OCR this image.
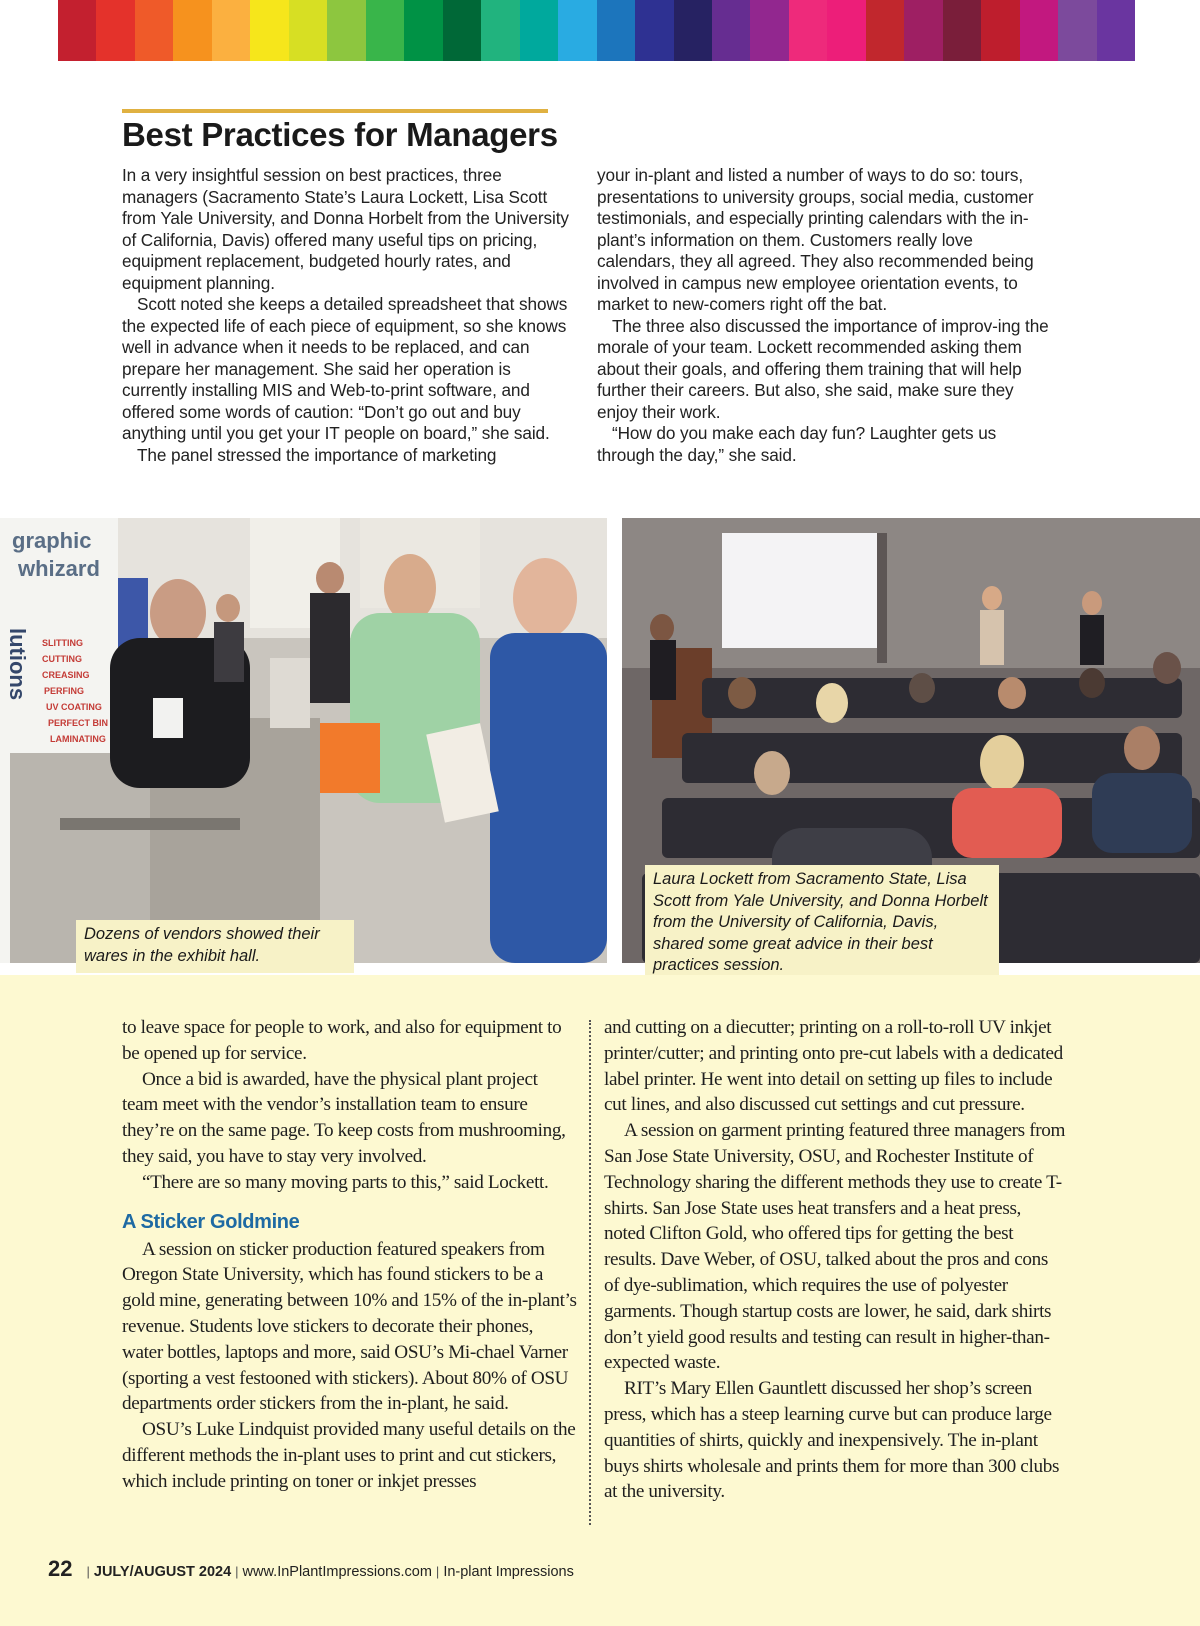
Best Practices for Managers

In a very insightful session on best practices, three managers (Sacramento State’s Laura Lockett, Lisa Scott from Yale University, and Donna Horbelt from the University of California, Davis) offered many useful tips on pricing, equipment replacement, budgeted hourly rates, and equipment planning.

Scott noted she keeps a detailed spreadsheet that shows the expected life of each piece of equipment, so she knows well in advance when it needs to be replaced, and can prepare her management. She said her operation is currently installing MIS and Web-to-print software, and offered some words of caution: “Don’t go out and buy anything until you get your IT people on board,” she said.

The panel stressed the importance of marketing

your in-plant and listed a number of ways to do so: tours, presentations to university groups, social media, customer testimonials, and especially printing calendars with the in-plant’s information on them. Customers really love calendars, they all agreed. They also recommended being involved in campus new employee orientation events, to market to new-comers right off the bat.

The three also discussed the importance of improv-ing the morale of your team. Lockett recommended asking them about their goals, and offering them training that will help further their careers. But also, she said, make sure they enjoy their work.

“How do you make each day fun? Laughter gets us through the day,” she said.

graphic
whizard
lutions SLITTING
CUTTING
CREASING
PERFING
UV COATING
PERFECT BIN
LAMINATING
Dozens of vendors showed their wares in the exhibit hall.
Laura Lockett from Sacramento State, Lisa Scott from Yale University, and Donna Horbelt from the University of California, Davis, shared some great advice in their best practices session.

to leave space for people to work, and also for equipment to be opened up for service.

Once a bid is awarded, have the physical plant project team meet with the vendor’s installation team to ensure they’re on the same page. To keep costs from mushrooming, they said, you have to stay very involved.

“There are so many moving parts to this,” said Lockett.

A Sticker Goldmine

A session on sticker production featured speakers from Oregon State University, which has found stickers to be a gold mine, generating between 10% and 15% of the in-plant’s revenue. Students love stickers to decorate their phones, water bottles, laptops and more, said OSU’s Mi-chael Varner (sporting a vest festooned with stickers). About 80% of OSU departments order stickers from the in-plant, he said.

OSU’s Luke Lindquist provided many useful details on the different methods the in-plant uses to print and cut stickers, which include printing on toner or inkjet presses

and cutting on a diecutter; printing on a roll-to-roll UV inkjet printer/cutter; and printing onto pre-cut labels with a dedicated label printer. He went into detail on setting up files to include cut lines, and also discussed cut settings and cut pressure.

A session on garment printing featured three managers from San Jose State University, OSU, and Rochester Institute of Technology sharing the different methods they use to create T-shirts. San Jose State uses heat transfers and a heat press, noted Clifton Gold, who offered tips for getting the best results. Dave Weber, of OSU, talked about the pros and cons of dye-sublimation, which requires the use of polyester garments. Though startup costs are lower, he said, dark shirts don’t yield good results and testing can result in higher-than-expected waste.

RIT’s Mary Ellen Gauntlett discussed her shop’s screen press, which has a steep learning curve but can produce large quantities of shirts, quickly and inexpensively. The in-plant buys shirts wholesale and prints them for more than 300 clubs at the university.

22 | JULY/AUGUST 2024 | www.InPlantImpressions.com | In-plant Impressions
